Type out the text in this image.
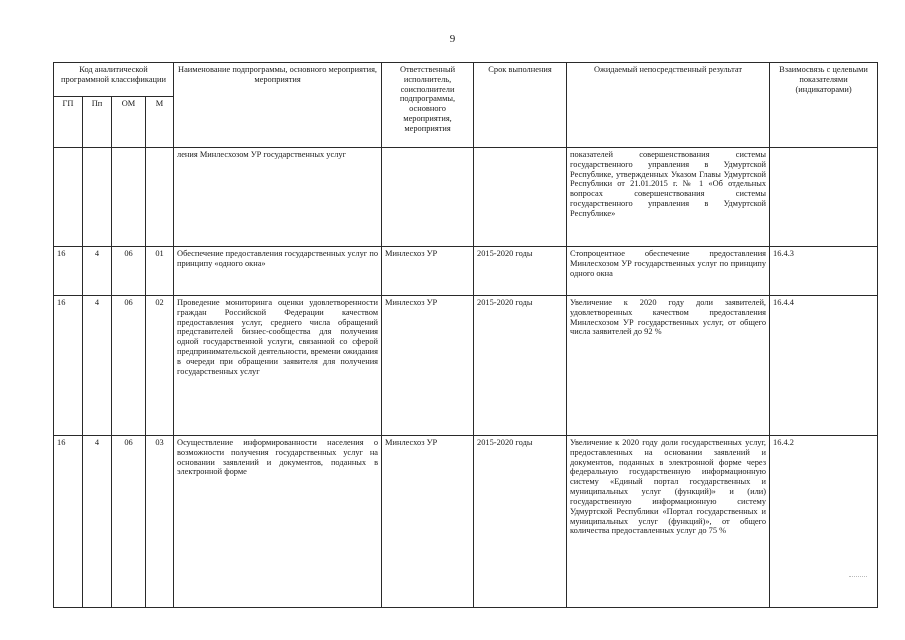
9
Код аналитической программной классификации				Наименование подпрограммы, основного мероприятия, мероприятия	Ответственный исполнитель, соисполнители подпрограммы, основного мероприятия, мероприятия	Срок выполнения	Ожидаемый непосредственный результат	Взаимосвязь с целевыми показателями (индикаторами)
ГП	Пп	ОМ	М					
				ления Минлесхозом УР государственных услуг			показателей совершенствования системы государственного управления в Удмуртской Республике, утвержденных Указом Главы Удмуртской Республики от 21.01.2015 г. № 1 «Об отдельных вопросах совершенствования системы государственного управления в Удмуртской Республике»	
16	4	06	01	Обеспечение предоставления государственных услуг по принципу «одного окна»	Минлесхоз УР	2015-2020 годы	Стопроцентное обеспечение предоставления Минлесхозом УР государственных услуг по принципу одного окна	16.4.3
16	4	06	02	Проведение мониторинга оценки удовлетворенности граждан Российской Федерации качеством предоставления услуг, среднего числа обращений представителей бизнес-сообщества для получения одной государственной услуги, связанной со сферой предпринимательской деятельности, времени ожидания в очереди при обращении заявителя для получения государственных услуг	Минлесхоз УР	2015-2020 годы	Увеличение к 2020 году доли заявителей, удовлетворенных качеством предоставления Минлесхозом УР государственных услуг, от общего числа заявителей до 92 %	16.4.4
16	4	06	03	Осуществление информированности населения о возможности получения государственных услуг на основании заявлений и документов, поданных в электронной форме	Минлесхоз УР	2015-2020 годы	Увеличение к 2020 году доли государственных услуг, предоставленных на основании заявлений и документов, поданных в электронной форме через федеральную государственную информационную систему «Единый портал государственных и муниципальных услуг (функций)» и (или) государственную информационную систему Удмуртской Республики «Портал государственных и муниципальных услуг (функций)», от общего количества предоставленных услуг до 75 %	16.4.2
